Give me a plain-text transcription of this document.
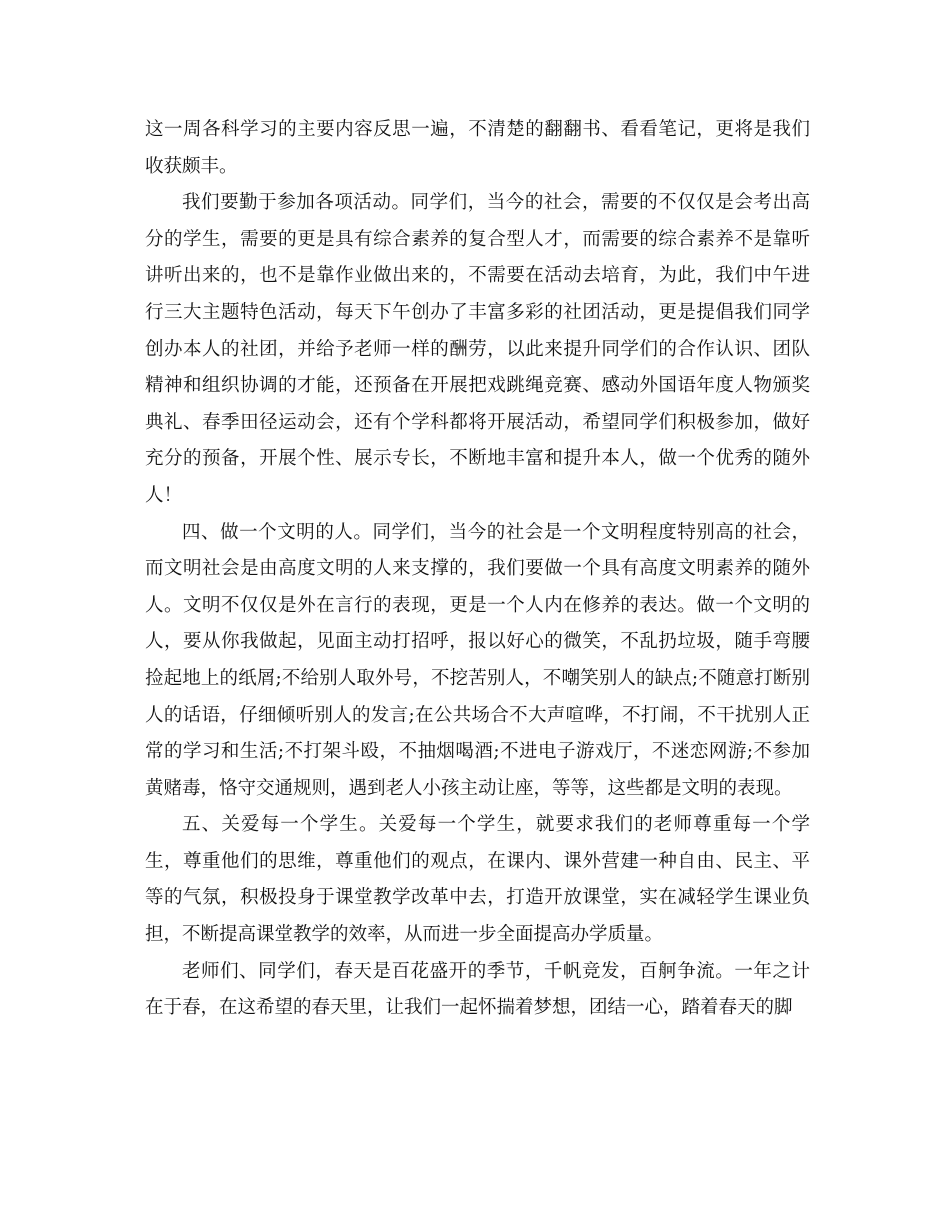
这一周各科学习的主要内容反思一遍，不清楚的翻翻书、看看笔记，更将是我们收获颇丰。

我们要勤于参加各项活动。同学们，当今的社会，需要的不仅仅是会考出高分的学生，需要的更是具有综合素养的复合型人才，而需要的综合素养不是靠听讲听出来的，也不是靠作业做出来的，不需要在活动去培育，为此，我们中午进行三大主题特色活动，每天下午创办了丰富多彩的社团活动，更是提倡我们同学创办本人的社团，并给予老师一样的酬劳，以此来提升同学们的合作认识、团队精神和组织协调的才能，还预备在开展把戏跳绳竞赛、感动外国语年度人物颁奖典礼、春季田径运动会，还有个学科都将开展活动，希望同学们积极参加，做好充分的预备，开展个性、展示专长，不断地丰富和提升本人，做一个优秀的随外人！

四、做一个文明的人。同学们，当今的社会是一个文明程度特别高的社会，而文明社会是由高度文明的人来支撑的，我们要做一个具有高度文明素养的随外人。文明不仅仅是外在言行的表现，更是一个人内在修养的表达。做一个文明的人，要从你我做起，见面主动打招呼，报以好心的微笑，不乱扔垃圾，随手弯腰捡起地上的纸屑;不给别人取外号，不挖苦别人，不嘲笑别人的缺点;不随意打断别人的话语，仔细倾听别人的发言;在公共场合不大声喧哗，不打闹，不干扰别人正常的学习和生活;不打架斗殴，不抽烟喝酒;不进电子游戏厅，不迷恋网游;不参加黄赌毒，恪守交通规则，遇到老人小孩主动让座，等等，这些都是文明的表现。

五、关爱每一个学生。关爱每一个学生，就要求我们的老师尊重每一个学生，尊重他们的思维，尊重他们的观点，在课内、课外营建一种自由、民主、平等的气氛，积极投身于课堂教学改革中去，打造开放课堂，实在减轻学生课业负担，不断提高课堂教学的效率，从而进一步全面提高办学质量。

老师们、同学们，春天是百花盛开的季节，千帆竞发，百舸争流。一年之计在于春，在这希望的春天里，让我们一起怀揣着梦想，团结一心，踏着春天的脚
